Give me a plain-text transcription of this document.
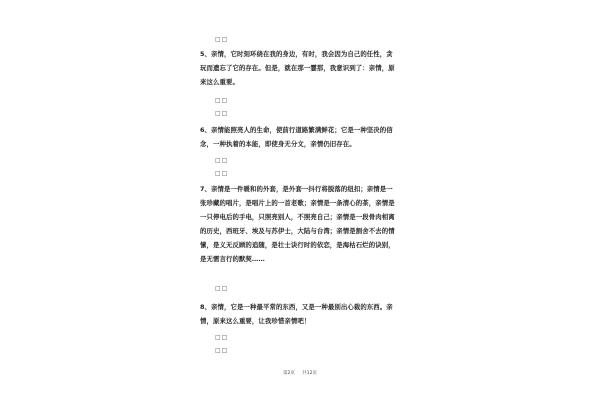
□□

5、亲情，它时刻环绕在我的身边，有时，我会因为自己的任性，贪玩而遗忘了它的存在。但是，就在那一霎那，我意识到了：亲情，原来这么重要。

□□
□□

6、亲情能照亮人的生命，使前行道路繁满鲜花；它是一种坚决的信念，一种执着的本能，即使身无分文，亲情仍旧存在。

□□
□□

7、亲情是一件暖和的外套，是外套一抖行将脱落的纽扣；亲情是一张珍藏的唱片，是唱片上的一首老歌；亲情是一条清心的茶，亲情是一只停电后的手电，只照亮别人，不照亮自己；亲情是一段骨肉相离的历史，西班牙、埃及与苏伊士，大陆与台湾；亲情是割舍不去的情愫，是义无反顾的追随，是壮士诀行时的依恋，是海枯石烂的诀别，是无需言行的默契……

□□

8、亲情，它是一种最平常的东西，又是一种最别出心裁的东西。亲情，原来这么重要，让我珍惜亲情吧！

□□
□□
第2页 共12页
